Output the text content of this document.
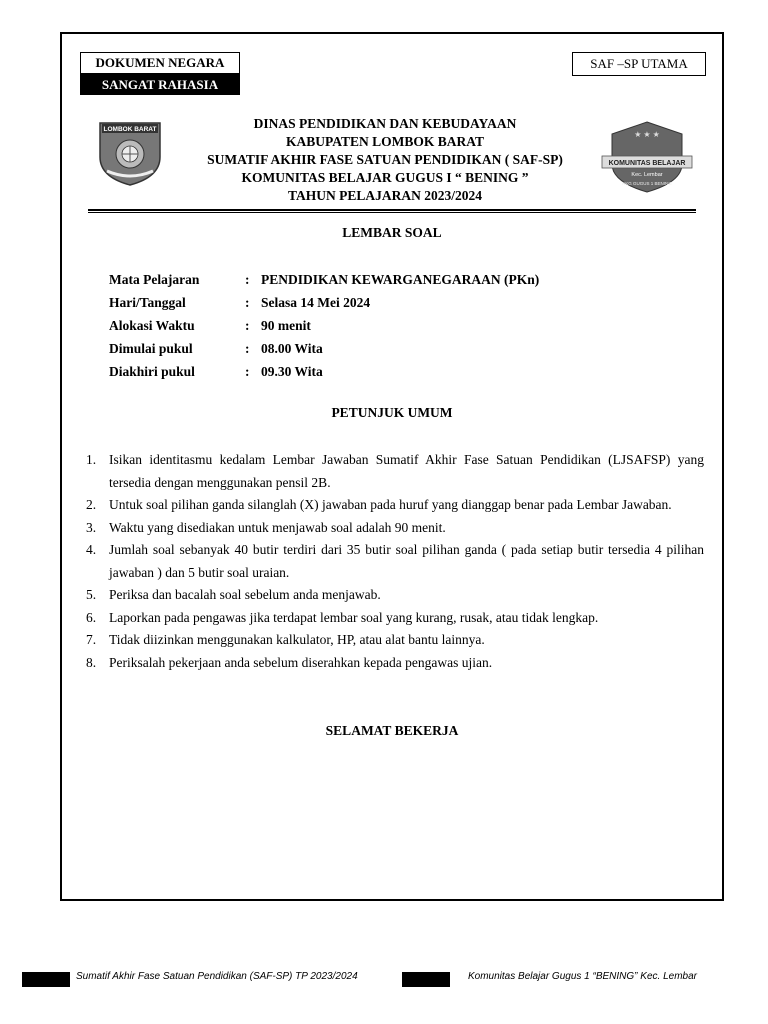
DOKUMEN NEGARA
SANGAT RAHASIA
SAF –SP UTAMA
LOMBOK BARAT
★ ★ ★
KOMUNITAS BELAJAR
Kec. Lembar
KKG GUGUS 1 BENING
DINAS PENDIDIKAN DAN KEBUDAYAAN
KABUPATEN LOMBOK BARAT
SUMATIF AKHIR FASE SATUAN PENDIDIKAN ( SAF-SP)
KOMUNITAS BELAJAR GUGUS I “ BENING ”
TAHUN PELAJARAN 2023/2024
LEMBAR SOAL
Mata Pelajaran	: PENDIDIKAN KEWARGANEGARAAN (PKn)
Hari/Tanggal	: Selasa 14 Mei 2024
Alokasi Waktu	: 90 menit
Dimulai pukul	: 08.00 Wita
Diakhiri pukul	: 09.30 Wita
PETUNJUK UMUM
1. Isikan identitasmu kedalam Lembar Jawaban Sumatif Akhir Fase Satuan Pendidikan (LJSAFSP) yang tersedia dengan menggunakan pensil 2B.
2. Untuk soal pilihan ganda silanglah (X) jawaban pada huruf yang dianggap benar pada Lembar Jawaban.
3. Waktu yang disediakan untuk menjawab soal adalah 90 menit.
4. Jumlah soal sebanyak 40 butir terdiri dari 35 butir soal pilihan ganda ( pada setiap butir tersedia 4 pilihan jawaban ) dan 5 butir soal uraian.
5. Periksa dan bacalah soal sebelum anda menjawab.
6. Laporkan pada pengawas jika terdapat lembar soal yang kurang, rusak, atau tidak lengkap.
7. Tidak diizinkan menggunakan kalkulator, HP, atau alat bantu lainnya.
8. Periksalah pekerjaan anda sebelum diserahkan kepada pengawas ujian.
SELAMAT BEKERJA
Sumatif Akhir Fase Satuan Pendidikan (SAF-SP) TP 2023/2024	Komunitas Belajar Gugus 1 “BENING” Kec. Lembar
